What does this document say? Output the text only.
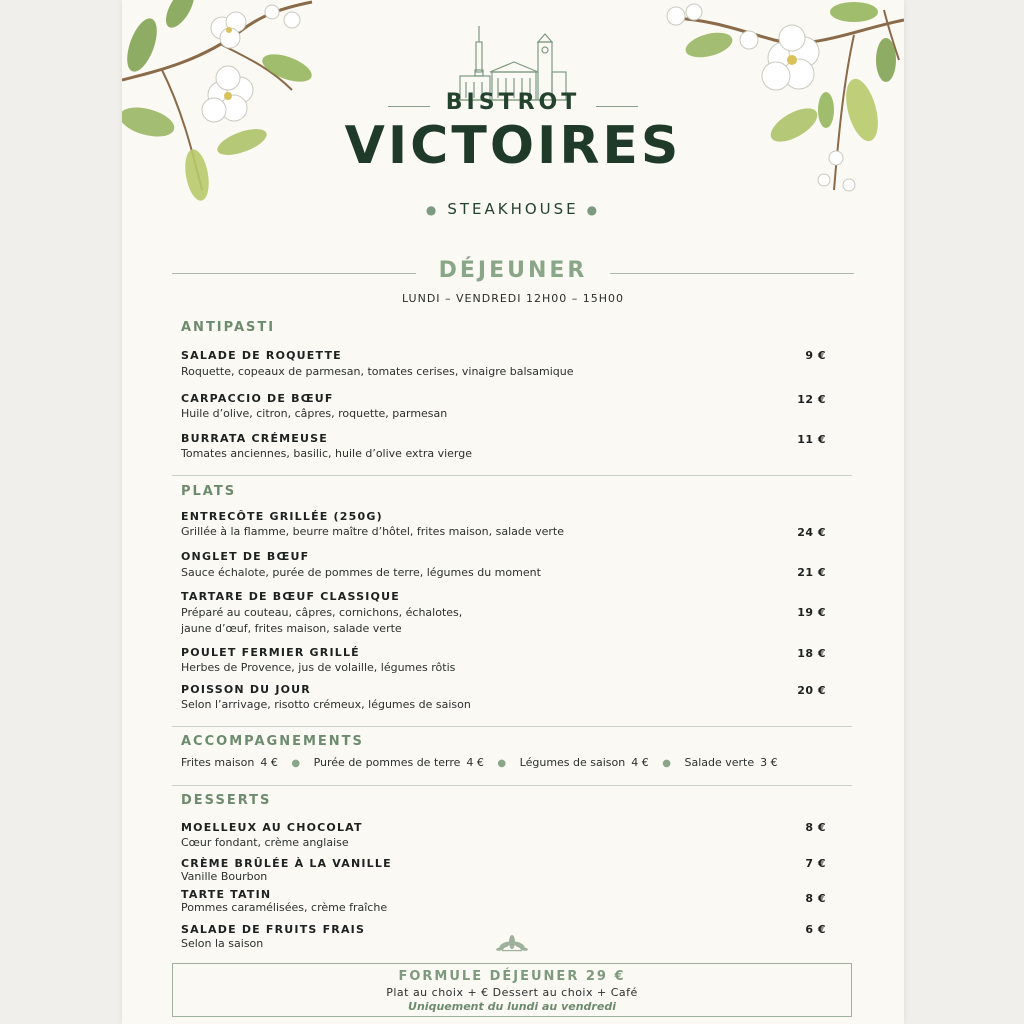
BISTROT
VICTOIRES
● STEAKHOUSE ●
DÉJEUNER
LUNDI – VENDREDI 12H00 – 15H00
ANTIPASTI
SALADE DE ROQUETTE
Roquette, copeaux de parmesan, tomates cerises, vinaigre balsamique
9 €
CARPACCIO DE BŒUF
Huile d’olive, citron, câpres, roquette, parmesan
12 €
BURRATA CRÉMEUSE
Tomates anciennes, basilic, huile d’olive extra vierge
11 €
PLATS
ENTRECÔTE GRILLÉE (250G)
Grillée à la flamme, beurre maître d’hôtel, frites maison, salade verte	24 €
ONGLET DE BŒUF
Sauce échalote, purée de pommes de terre, légumes du moment	21 €
TARTARE DE BŒUF CLASSIQUE
Préparé au couteau, câpres, cornichons, échalotes,
jaune d’œuf, frites maison, salade verte
19 €
POULET FERMIER GRILLÉ
Herbes de Provence, jus de volaille, légumes rôtis
18 €
POISSON DU JOUR
Selon l’arrivage, risotto crémeux, légumes de saison
20 €
ACCOMPAGNEMENTS
Frites maison 4 € ● Purée de pommes de terre 4 € ● Légumes de saison 4 € ● Salade verte 3 €
DESSERTS
MOELLEUX AU CHOCOLAT
Cœur fondant, crème anglaise
8 €
CRÈME BRÛLÉE À LA VANILLE
Vanille Bourbon
7 €
TARTE TATIN
Pommes caramélisées, crème fraîche
8 €
SALADE DE FRUITS FRAIS
Selon la saison
6 €
FORMULE DÉJEUNER 29 €
Plat au choix + € Dessert au choix + Café
Uniquement du lundi au vendredi
